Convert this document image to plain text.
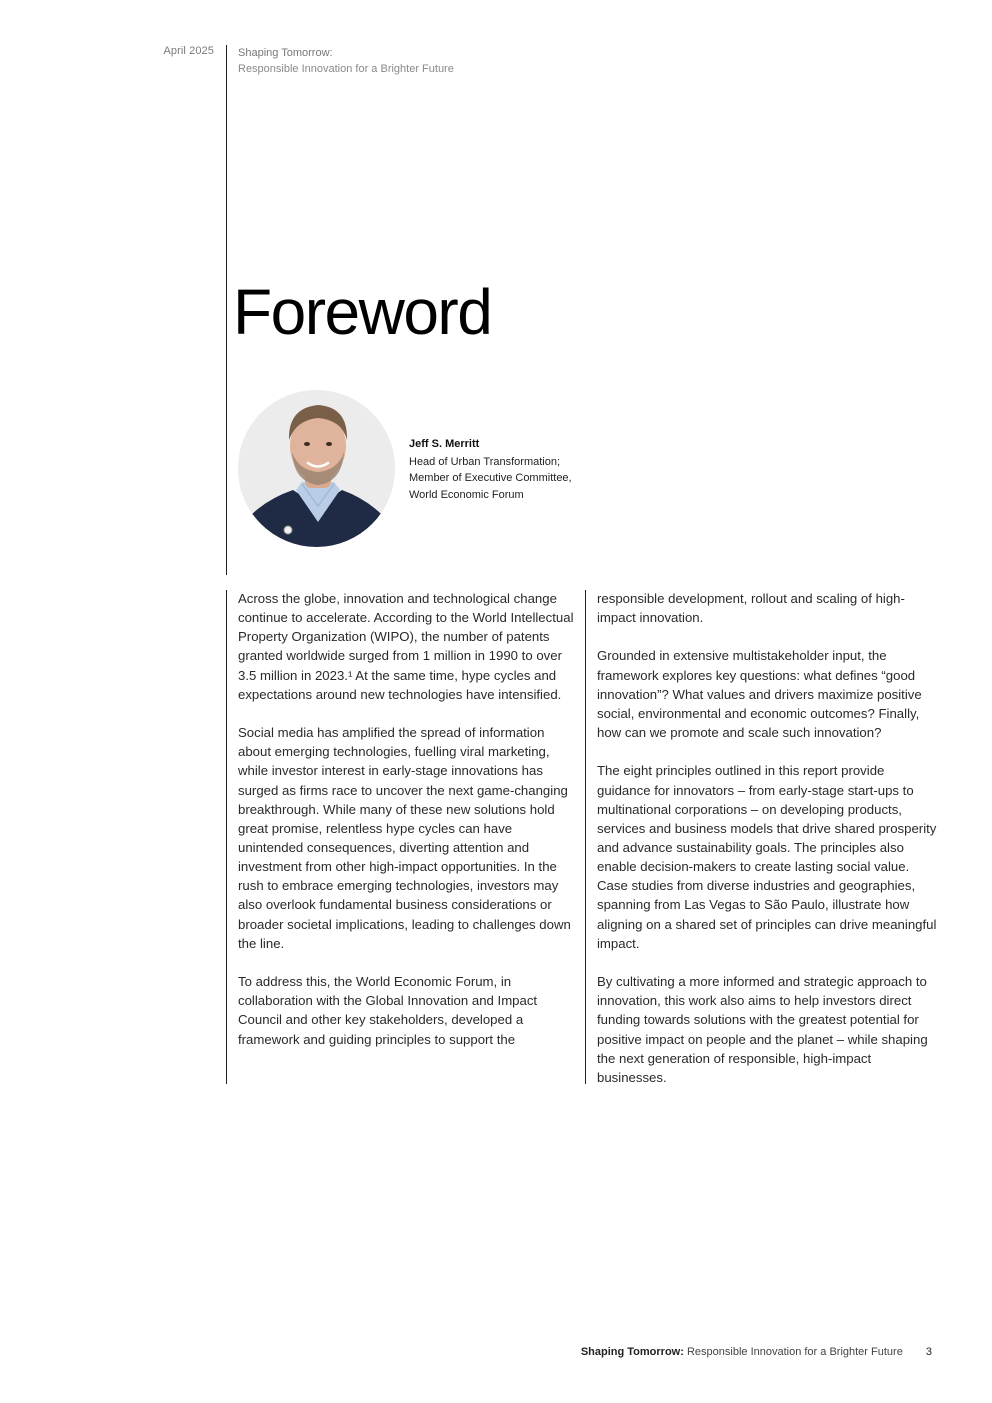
April 2025 Shaping Tomorrow:
Responsible Innovation for a Brighter Future
Foreword
Jeff S. Merritt
Head of Urban Transformation;
Member of Executive Committee,
World Economic Forum

Across the globe, innovation and technological change continue to accelerate. According to the World Intellectual Property Organization (WIPO), the number of patents granted worldwide surged from 1 million in 1990 to over 3.5 million in 2023.¹ At the same time, hype cycles and expectations around new technologies have intensified.

Social media has amplified the spread of information about emerging technologies, fuelling viral marketing, while investor interest in early-stage innovations has surged as firms race to uncover the next game-changing breakthrough. While many of these new solutions hold great promise, relentless hype cycles can have unintended consequences, diverting attention and investment from other high-impact opportunities. In the rush to embrace emerging technologies, investors may also overlook fundamental business considerations or broader societal implications, leading to challenges down the line.

To address this, the World Economic Forum, in collaboration with the Global Innovation and Impact Council and other key stakeholders, developed a framework and guiding principles to support the

responsible development, rollout and scaling of high-impact innovation.

Grounded in extensive multistakeholder input, the framework explores key questions: what defines “good innovation”? What values and drivers maximize positive social, environmental and economic outcomes? Finally, how can we promote and scale such innovation?

The eight principles outlined in this report provide guidance for innovators – from early-stage start-ups to multinational corporations – on developing products, services and business models that drive shared prosperity and advance sustainability goals. The principles also enable decision-makers to create lasting social value. Case studies from diverse industries and geographies, spanning from Las Vegas to São Paulo, illustrate how aligning on a shared set of principles can drive meaningful impact.

By cultivating a more informed and strategic approach to innovation, this work also aims to help investors direct funding towards solutions with the greatest potential for positive impact on people and the planet – while shaping the next generation of responsible, high-impact businesses.

Shaping Tomorrow: Responsible Innovation for a Brighter Future 3
